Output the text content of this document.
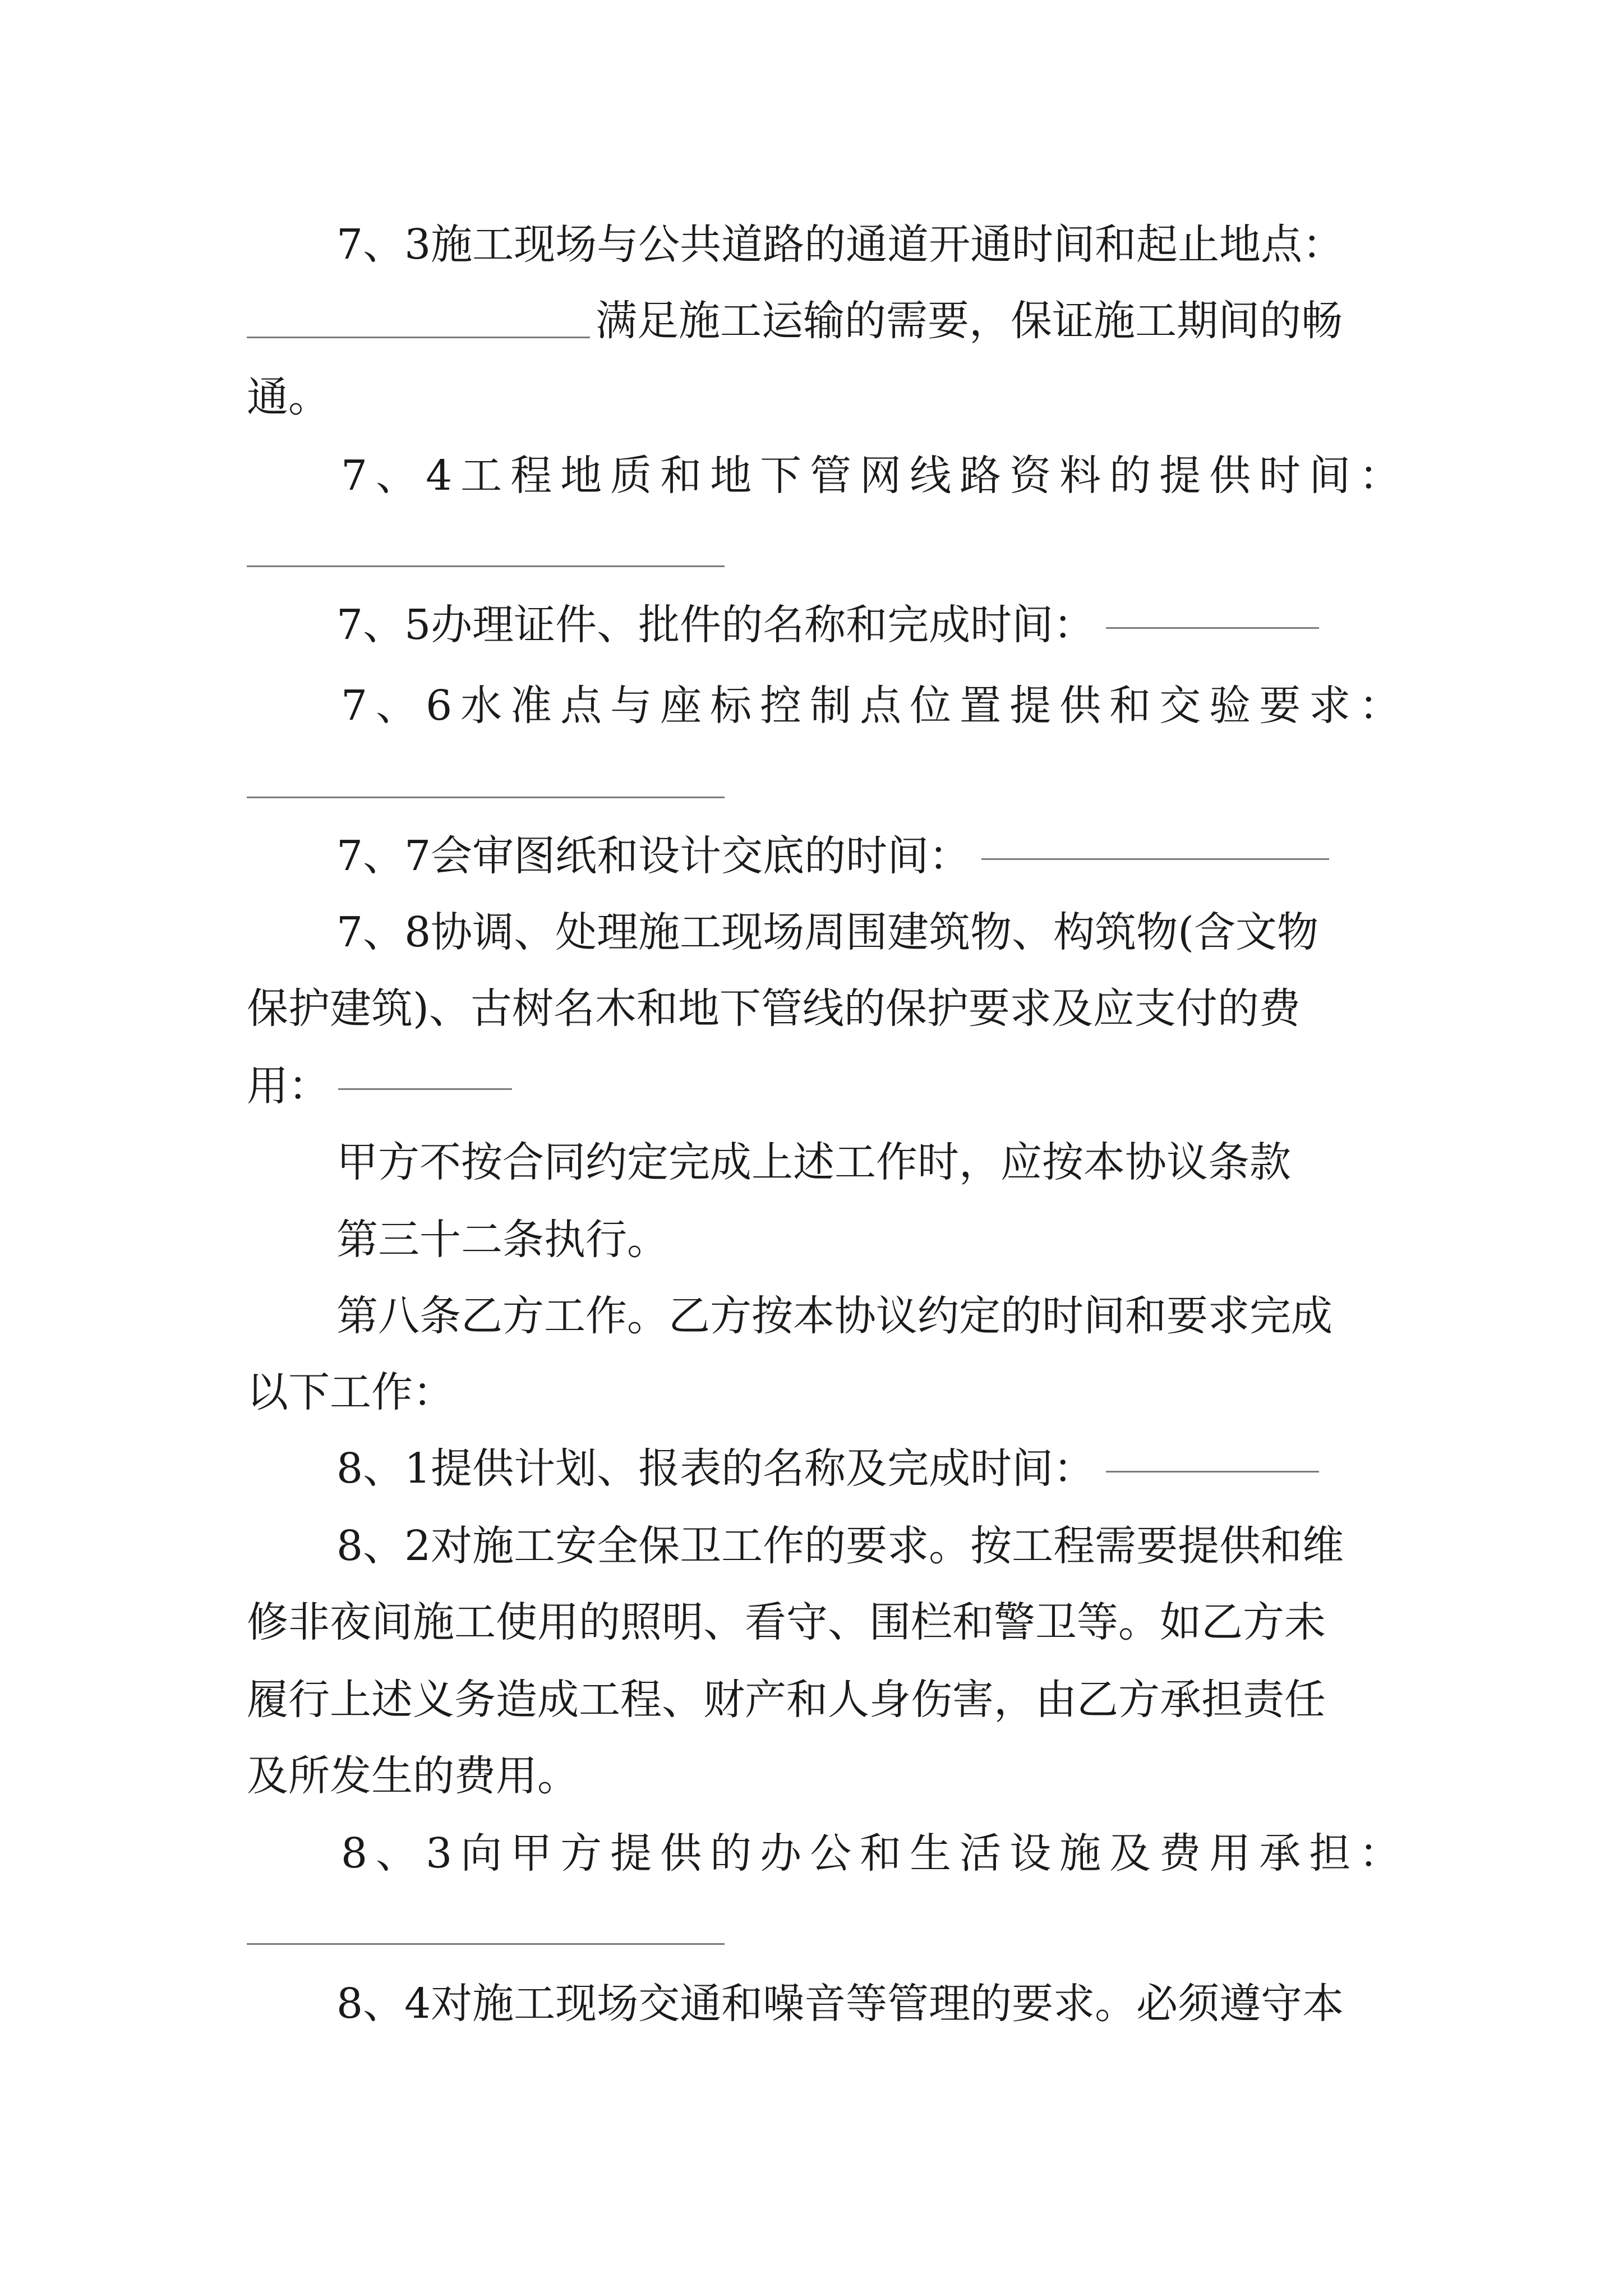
7、3施工现场与公共道路的通道开通时间和起止地点：
满足施工运输的需要，保证施工期间的畅
通。
7、4工程地质和地下管网线路资料的提供时间：
7、5办理证件、批件的名称和完成时间：
7、6水准点与座标控制点位置提供和交验要求：
7、7会审图纸和设计交底的时间：
7、8协调、处理施工现场周围建筑物、构筑物(含文物
保护建筑)、古树名木和地下管线的保护要求及应支付的费
用：
甲方不按合同约定完成上述工作时，应按本协议条款
第三十二条执行。
第八条乙方工作。乙方按本协议约定的时间和要求完成
以下工作：
8、1提供计划、报表的名称及完成时间：
8、2对施工安全保卫工作的要求。按工程需要提供和维
修非夜间施工使用的照明、看守、围栏和警卫等。如乙方未
履行上述义务造成工程、财产和人身伤害，由乙方承担责任
及所发生的费用。
8、3向甲方提供的办公和生活设施及费用承担：
8、4对施工现场交通和噪音等管理的要求。必须遵守本
